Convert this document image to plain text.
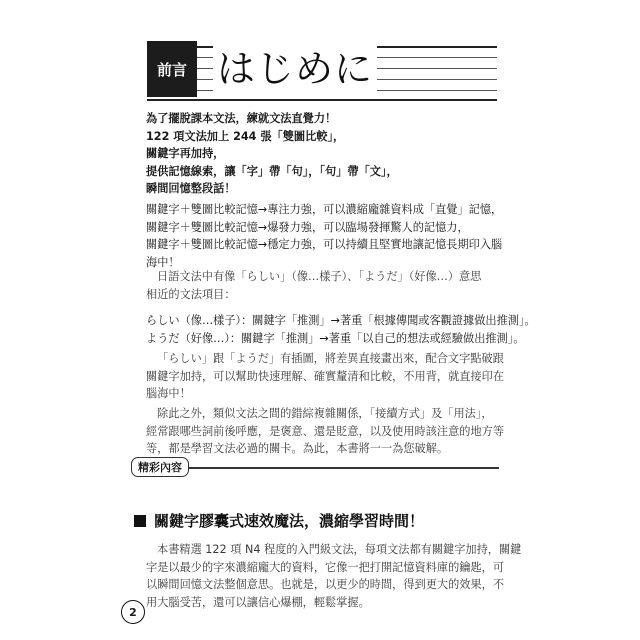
前言 はじめに
為了擺脫課本文法，練就文法直覺力！
122 項文法加上 244 張「雙圖比較」，
關鍵字再加持，
提供記憶線索，讓「字」帶「句」，「句」帶「文」，
瞬間回憶整段話！
關鍵字＋雙圖比較記憶→專注力強，可以濃縮龐雜資料成「直覺」記憶，
關鍵字＋雙圖比較記憶→爆發力強，可以臨場發揮驚人的記憶力，
關鍵字＋雙圖比較記憶→穩定力強，可以持續且堅實地讓記憶長期印入腦
海中！
日語文法中有像「らしい」（像…樣子）、「ようだ」（好像…）意思
相近的文法項目：
らしい（像…樣子）：關鍵字「推測」→著重「根據傳聞或客觀證據做出推測」。
ようだ（好像…）：關鍵字「推測」→著重「以自己的想法或經驗做出推測」。
「らしい」跟「ようだ」有插圖，將差異直接畫出來，配合文字點破跟
關鍵字加持，可以幫助快速理解、確實釐清和比較，不用背，就直接印在
腦海中！
除此之外，類似文法之間的錯綜複雜關係，「接續方式」及「用法」，
經常跟哪些詞前後呼應，是褒意、還是貶意，以及使用時該注意的地方等
等，都是學習文法必過的關卡。為此，本書將一一為您破解。
精彩內容
關鍵字膠囊式速效魔法，濃縮學習時間！
本書精選 122 項 N4 程度的入門級文法，每項文法都有關鍵字加持，關鍵
字是以最少的字來濃縮龐大的資料，它像一把打開記憶資料庫的鑰匙，可
以瞬間回憶文法整個意思。也就是，以更少的時間，得到更大的效果，不
用大腦受苦，還可以讓信心爆棚，輕鬆掌握。
2
